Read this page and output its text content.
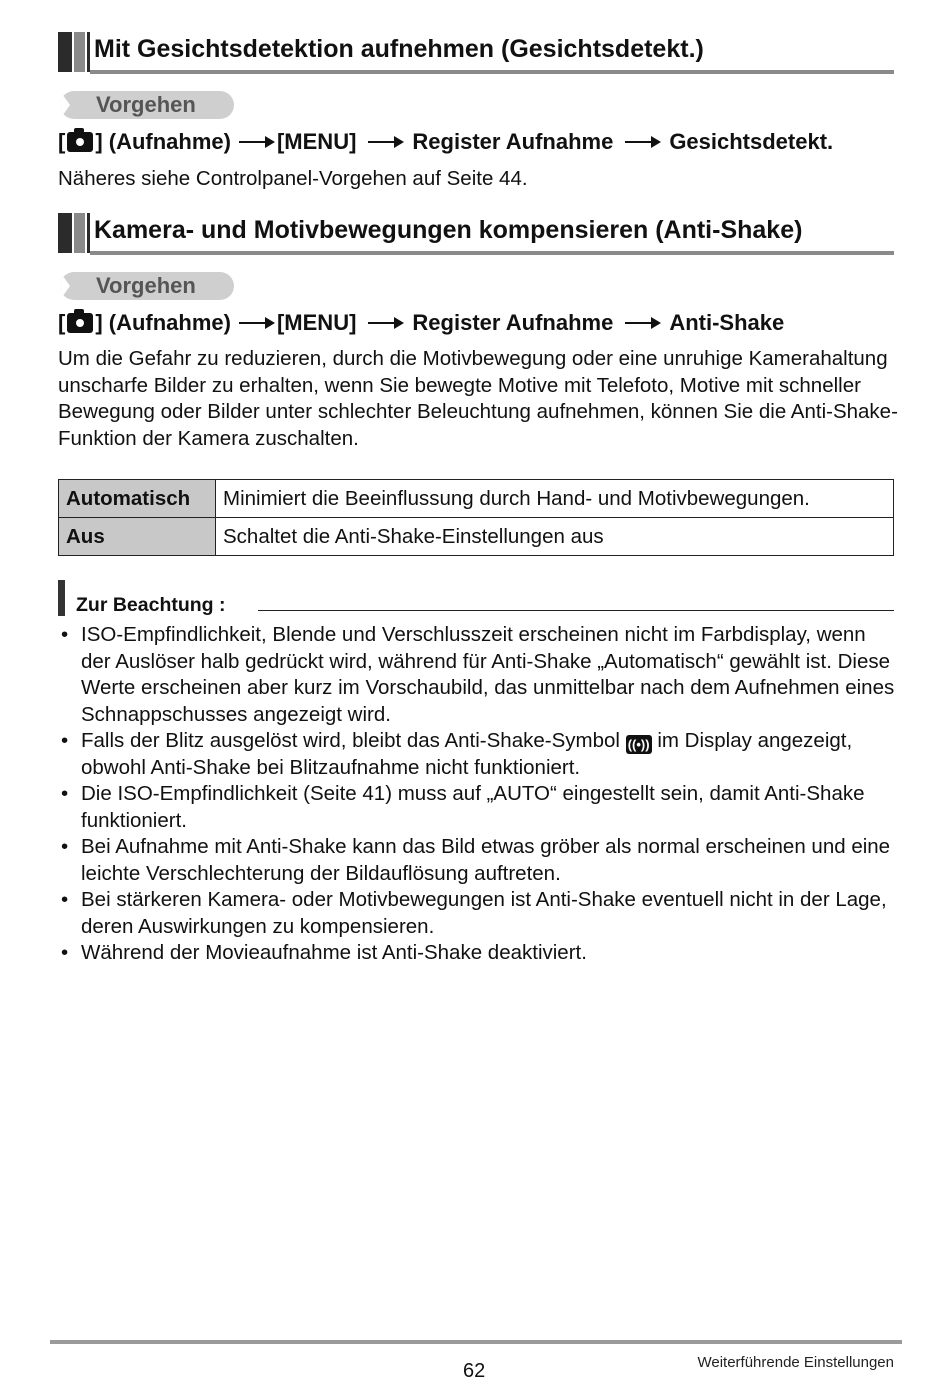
Mit Gesichtsdetektion aufnehmen (Gesichtsdetekt.)
Vorgehen
[ ] (Aufnahme) [MENU]	Register Aufnahme	Gesichtsdetekt.
Näheres siehe Controlpanel-Vorgehen auf Seite 44.
Kamera- und Motivbewegungen kompensieren (Anti-Shake)
Vorgehen
[ ] (Aufnahme) [MENU]	Register Aufnahme	Anti-Shake
Um die Gefahr zu reduzieren, durch die Motivbewegung oder eine unruhige Kamerahaltung unscharfe Bilder zu erhalten, wenn Sie bewegte Motive mit Telefoto, Motive mit schneller Bewegung oder Bilder unter schlechter Beleuchtung aufnehmen, können Sie die Anti-Shake-Funktion der Kamera zuschalten.
Automatisch	Minimiert die Beeinflussung durch Hand- und Motivbewegungen.
Aus	Schaltet die Anti-Shake-Einstellungen aus
Zur Beachtung :
• ISO-Empfindlichkeit, Blende und Verschlusszeit erscheinen nicht im Farbdisplay, wenn der Auslöser halb gedrückt wird, während für Anti-Shake „Automatisch“ gewählt ist. Diese Werte erscheinen aber kurz im Vorschaubild, das unmittelbar nach dem Aufnehmen eines Schnappschusses angezeigt wird.
• Falls der Blitz ausgelöst wird, bleibt das Anti-Shake-Symbol ((•)) im Display angezeigt, obwohl Anti-Shake bei Blitzaufnahme nicht funktioniert.
• Die ISO-Empfindlichkeit (Seite 41) muss auf „AUTO“ eingestellt sein, damit Anti-Shake funktioniert.
• Bei Aufnahme mit Anti-Shake kann das Bild etwas gröber als normal erscheinen und eine leichte Verschlechterung der Bildauflösung auftreten.
• Bei stärkeren Kamera- oder Motivbewegungen ist Anti-Shake eventuell nicht in der Lage, deren Auswirkungen zu kompensieren.
• Während der Movieaufnahme ist Anti-Shake deaktiviert.
62	Weiterführende Einstellungen
